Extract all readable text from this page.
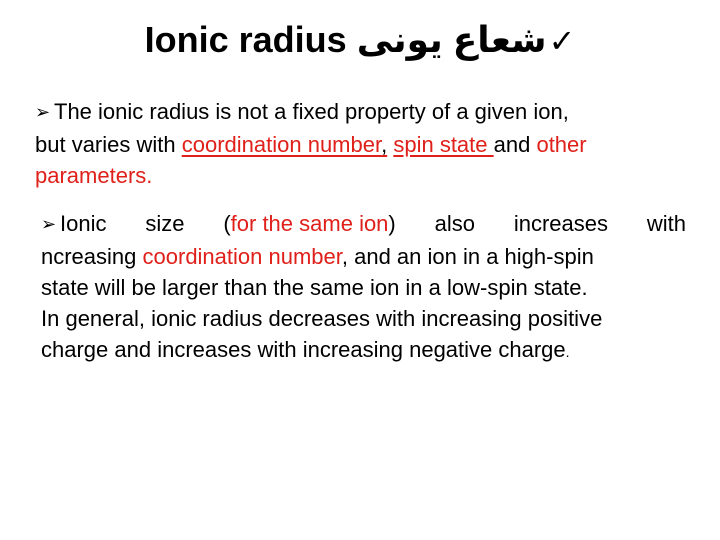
Ionic radius شعاع یونی✓
➢ The ionic radius is not a fixed property of a given ion,
but varies with coordination number, spin state and other
parameters.
➢ Ionic size (for the same ion) also increases with
ncreasing coordination number, and an ion in a high-spin
state will be larger than the same ion in a low-spin state.
In general, ionic radius decreases with increasing positive
charge and increases with increasing negative charge.
